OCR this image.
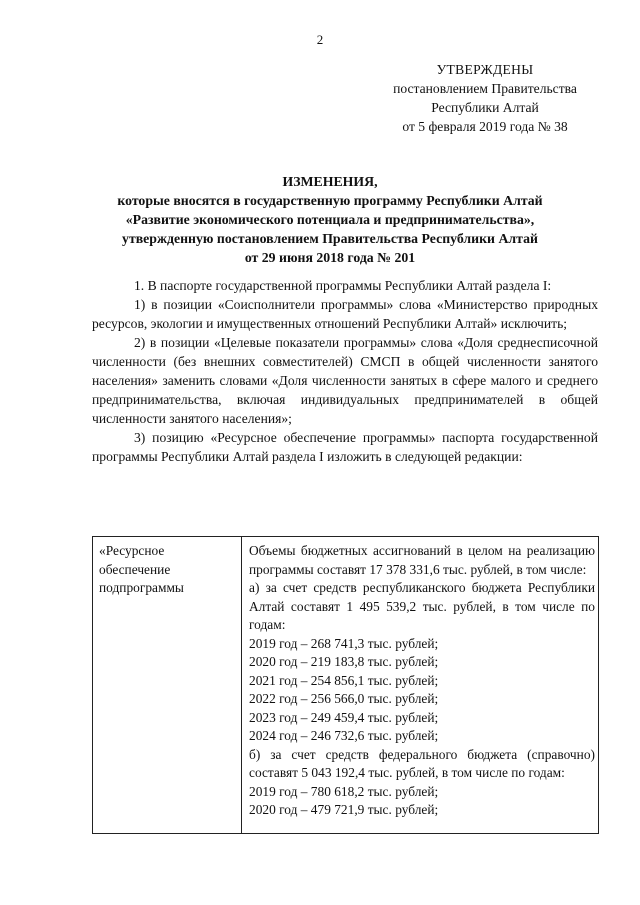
2
УТВЕРЖДЕНЫ
постановлением Правительства
Республики Алтай
от 5 февраля 2019 года № 38
ИЗМЕНЕНИЯ,
которые вносятся в государственную программу Республики Алтай
«Развитие экономического потенциала и предпринимательства»,
утвержденную постановлением Правительства Республики Алтай
от 29 июня 2018 года № 201

1. В паспорте государственной программы Республики Алтай раздела I:

1) в позиции «Соисполнители программы» слова «Министерство природных ресурсов, экологии и имущественных отношений Республики Алтай» исключить;

2) в позиции «Целевые показатели программы» слова «Доля среднесписочной численности (без внешних совместителей) СМСП в общей численности занятого населения» заменить словами «Доля численности занятых в сфере малого и среднего предпринимательства, включая индивидуальных предпринимателей в общей численности занятого населения»;

3) позицию «Ресурсное обеспечение программы» паспорта государственной программы Республики Алтай раздела I изложить в следующей редакции:

«Ресурсное обеспечение подпрограммы

Объемы бюджетных ассигнований в целом на реализацию программы составят 17 378 331,6 тыс. рублей, в том числе:

а) за счет средств республиканского бюджета Республики Алтай составят 1 495 539,2 тыс. рублей, в том числе по годам:

2019 год – 268 741,3 тыс. рублей;
2020 год – 219 183,8 тыс. рублей;
2021 год – 254 856,1 тыс. рублей;
2022 год – 256 566,0 тыс. рублей;
2023 год – 249 459,4 тыс. рублей;
2024 год – 246 732,6 тыс. рублей;

б) за счет средств федерального бюджета (справочно) составят 5 043 192,4 тыс. рублей, в том числе по годам:

2019 год – 780 618,2 тыс. рублей;
2020 год – 479 721,9 тыс. рублей;
